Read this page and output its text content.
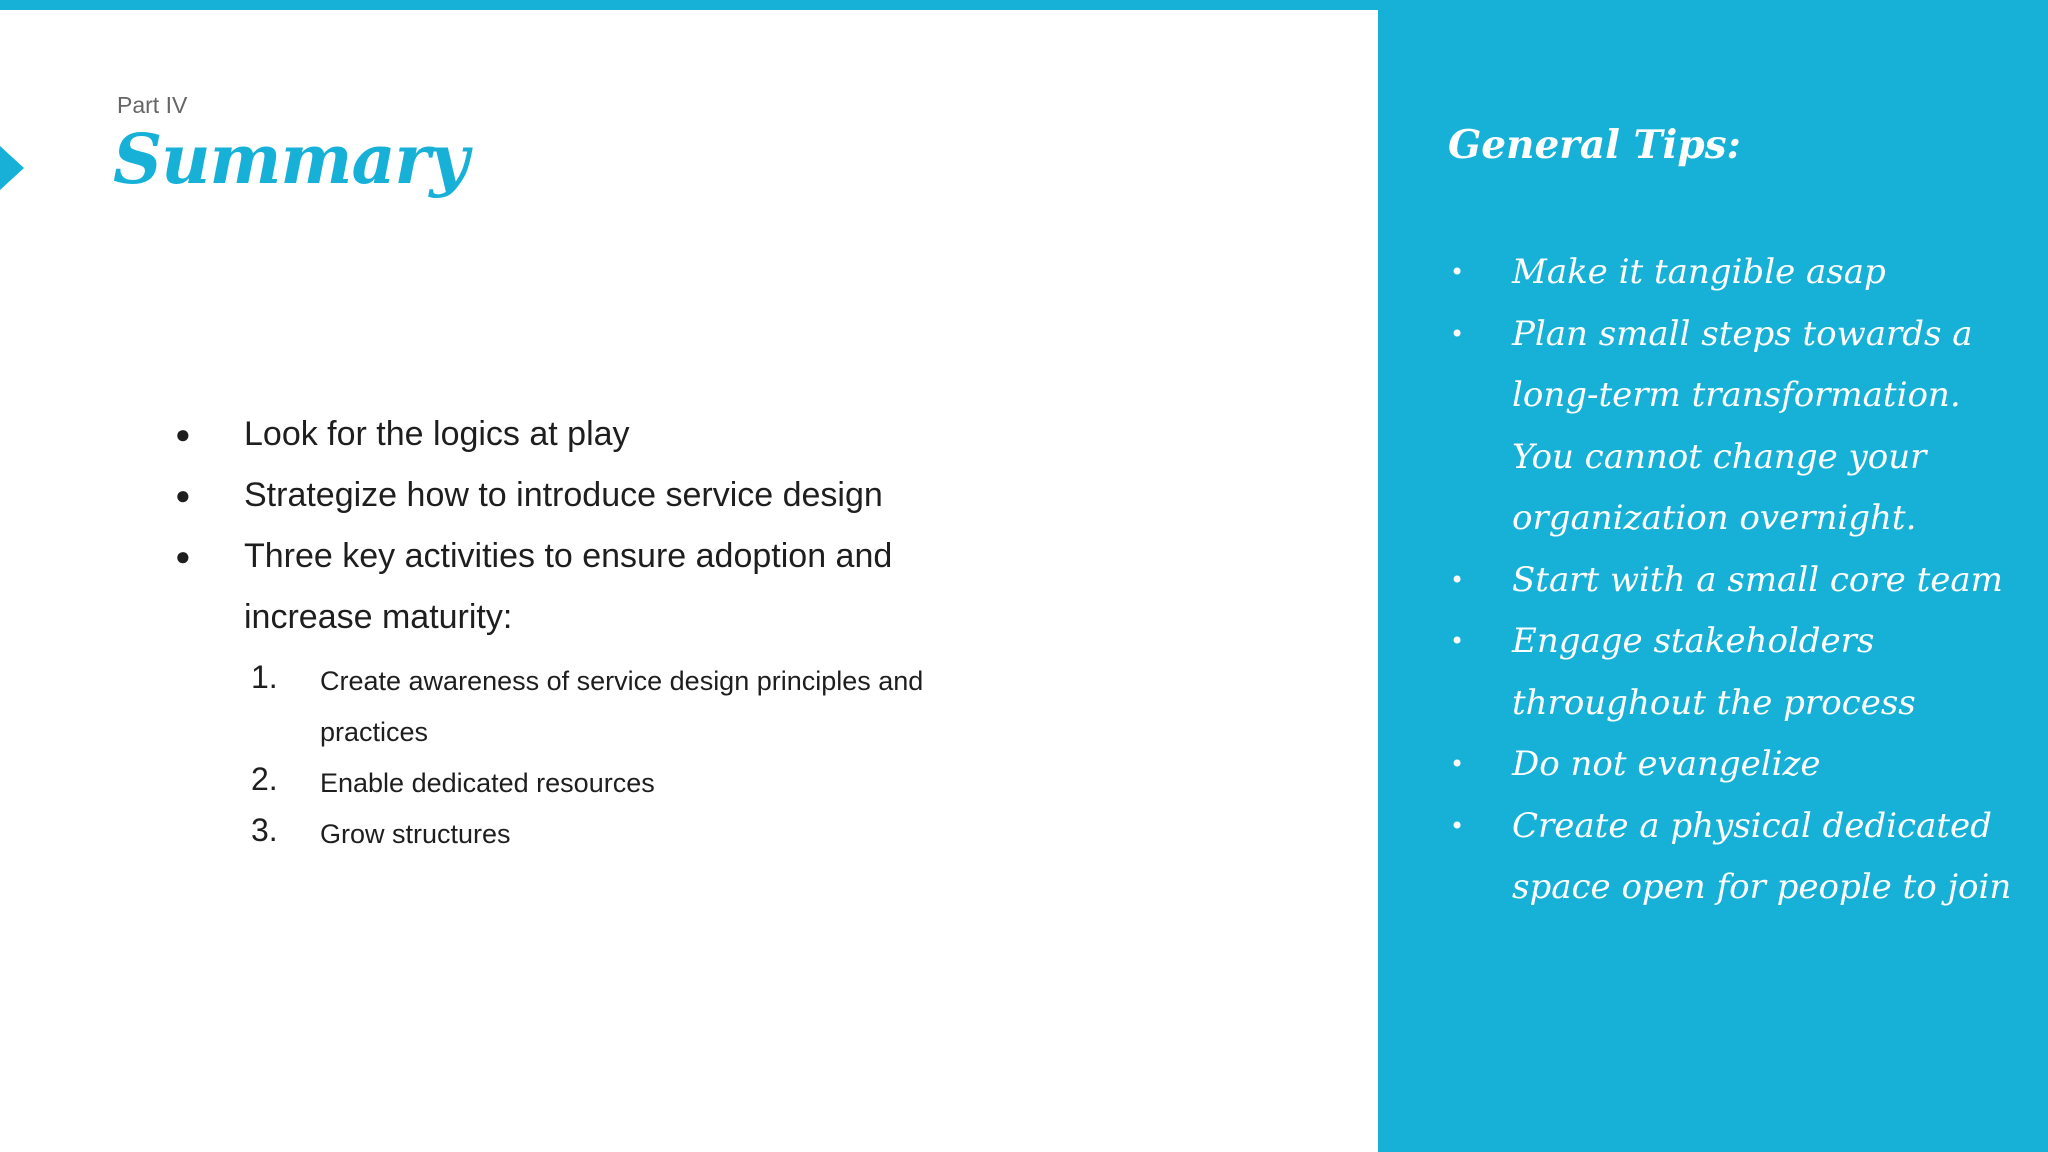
Part IV
Summary
● Look for the logics at play
● Strategize how to introduce service design
● Three key activities to ensure adoption and increase maturity:
1. Create awareness of service design principles and practices
2. Enable dedicated resources
3. Grow structures
General Tips:
• Make it tangible asap
• Plan small steps towards a long-term transformation. You cannot change your organization overnight.
• Start with a small core team
• Engage stakeholders throughout the process
• Do not evangelize
• Create a physical dedicated space open for people to join
